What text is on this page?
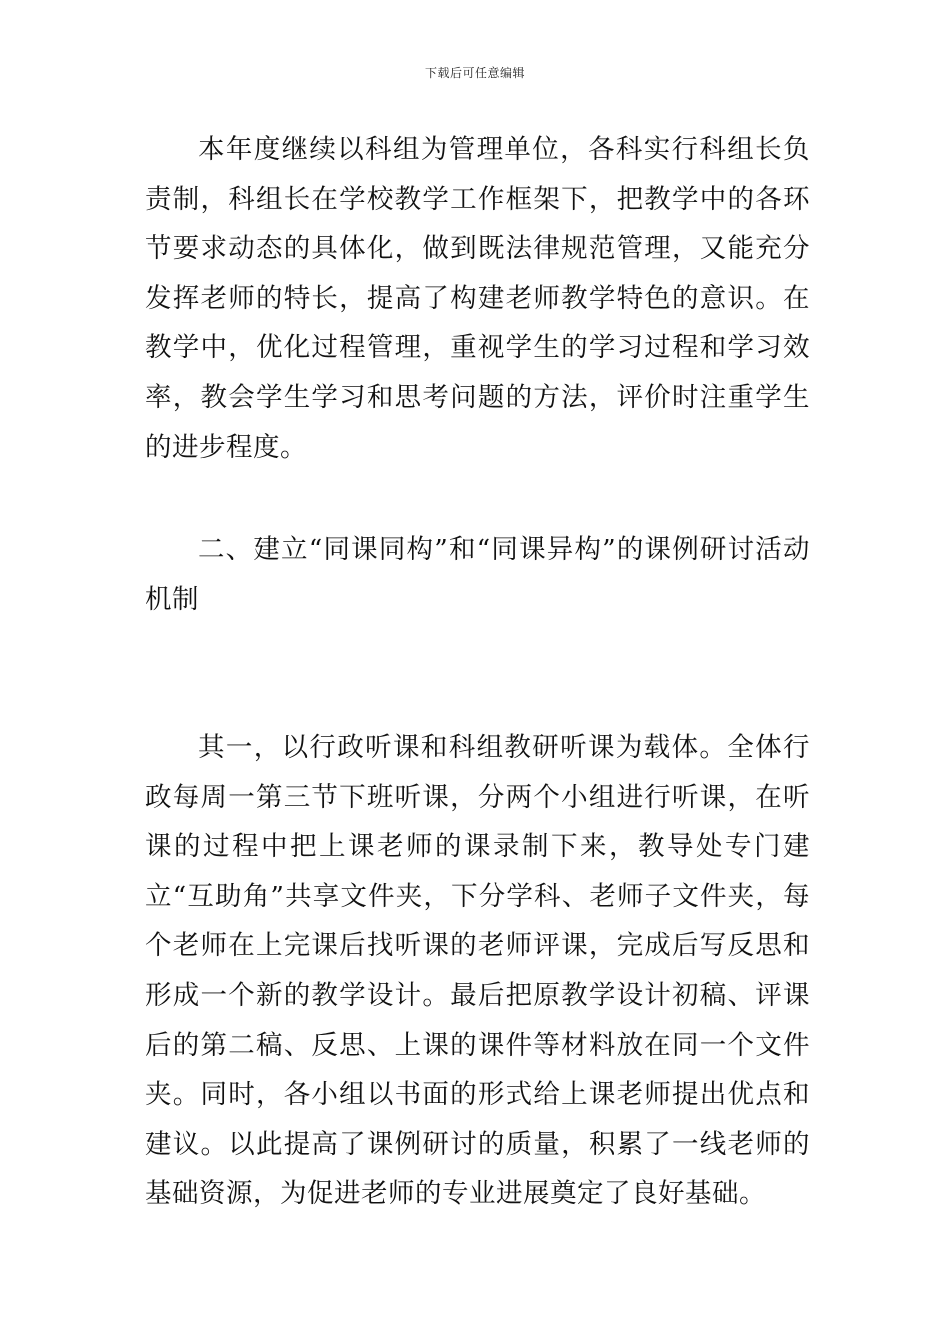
下载后可任意编辑

本年度继续以科组为管理单位，各科实行科组长负责制，科组长在学校教学工作框架下，把教学中的各环节要求动态的具体化，做到既法律规范管理，又能充分发挥老师的特长，提高了构建老师教学特色的意识。在教学中，优化过程管理，重视学生的学习过程和学习效率，教会学生学习和思考问题的方法，评价时注重学生的进步程度。

二、建立“同课同构”和“同课异构”的课例研讨活动机制

其一，以行政听课和科组教研听课为载体。全体行政每周一第三节下班听课，分两个小组进行听课，在听课的过程中把上课老师的课录制下来，教导处专门建立“互助角”共享文件夹，下分学科、老师子文件夹，每个老师在上完课后找听课的老师评课，完成后写反思和形成一个新的教学设计。最后把原教学设计初稿、评课后的第二稿、反思、上课的课件等材料放在同一个文件夹。同时，各小组以书面的形式给上课老师提出优点和建议。以此提高了课例研讨的质量，积累了一线老师的基础资源，为促进老师的专业进展奠定了良好基础。
